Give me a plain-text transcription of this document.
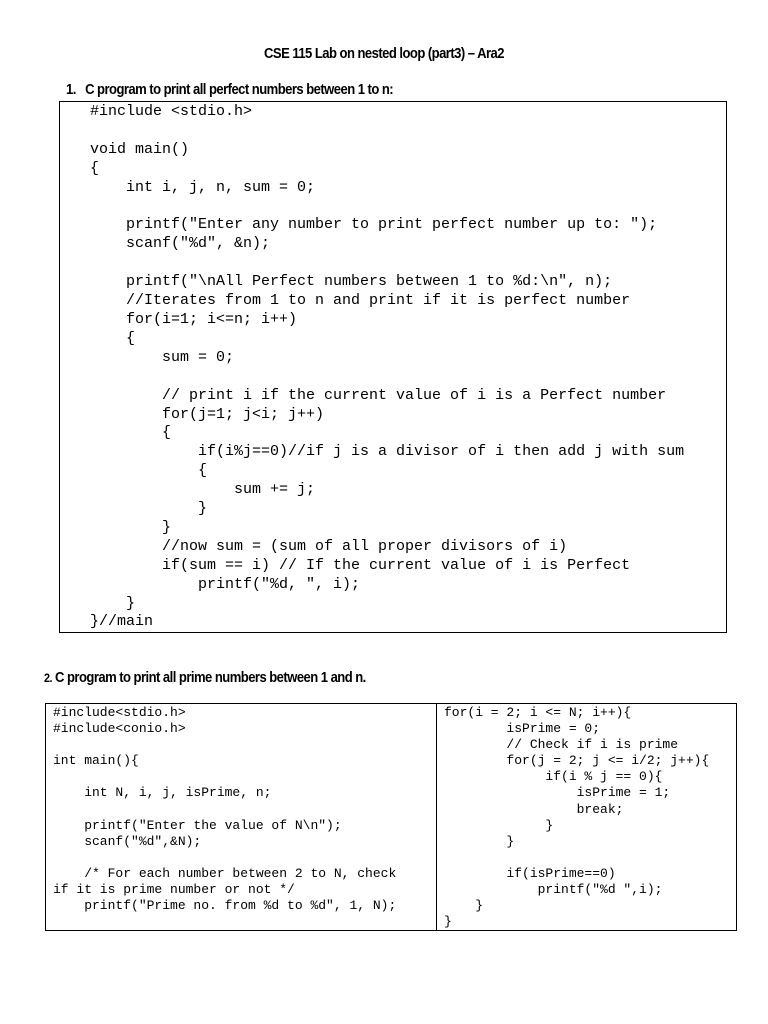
CSE 115 Lab on nested loop (part3) – Ara2
1. C program to print all perfect numbers between 1 to n:
#include <stdio.h>

void main()
{
int i, j, n, sum = 0;

printf("Enter any number to print perfect number up to: ");
scanf("%d", &n);

printf("\nAll Perfect numbers between 1 to %d:\n", n);
//Iterates from 1 to n and print if it is perfect number
for(i=1; i<=n; i++)
{
sum = 0;

// print i if the current value of i is a Perfect number
for(j=1; j<i; j++)
{
if(i%j==0)//if j is a divisor of i then add j with sum
{
sum += j;
}
}
//now sum = (sum of all proper divisors of i)
if(sum == i) // If the current value of i is Perfect
printf("%d, ", i);
}
}//main
2. C program to print all prime numbers between 1 and n.
#include<stdio.h>
#include<conio.h>

int main(){

int N, i, j, isPrime, n;

printf("Enter the value of N\n");
scanf("%d",&N);

/* For each number between 2 to N, check
if it is prime number or not */
printf("Prime no. from %d to %d", 1, N);
for(i = 2; i <= N; i++){
isPrime = 0;
// Check if i is prime
for(j = 2; j <= i/2; j++){
if(i % j == 0){
isPrime = 1;
break;
}
}

if(isPrime==0)
printf("%d ",i);
}
}
